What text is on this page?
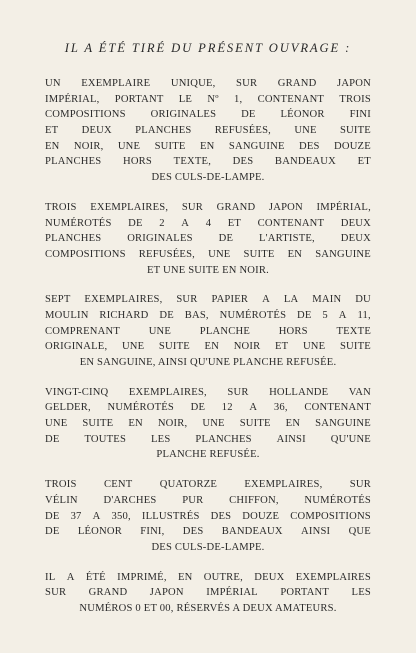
IL A ÉTÉ TIRÉ DU PRÉSENT OUVRAGE :
UN EXEMPLAIRE UNIQUE, SUR GRAND JAPON
IMPÉRIAL, PORTANT LE Nº 1, CONTENANT TROIS
COMPOSITIONS ORIGINALES DE LÉONOR FINI
ET DEUX PLANCHES REFUSÉES, UNE SUITE
EN NOIR, UNE SUITE EN SANGUINE DES DOUZE
PLANCHES HORS TEXTE, DES BANDEAUX ET
DES CULS-DE-LAMPE.
TROIS EXEMPLAIRES, SUR GRAND JAPON IMPÉRIAL,
NUMÉROTÉS DE 2 A 4 ET CONTENANT DEUX
PLANCHES ORIGINALES DE L'ARTISTE, DEUX
COMPOSITIONS REFUSÉES, UNE SUITE EN SANGUINE
ET UNE SUITE EN NOIR.
SEPT EXEMPLAIRES, SUR PAPIER A LA MAIN DU
MOULIN RICHARD DE BAS, NUMÉROTÉS DE 5 A 11,
COMPRENANT	UNE	PLANCHE	HORS	TEXTE
ORIGINALE, UNE SUITE EN NOIR ET UNE SUITE
EN SANGUINE, AINSI QU'UNE PLANCHE REFUSÉE.
VINGT-CINQ EXEMPLAIRES, SUR HOLLANDE VAN
GELDER, NUMÉROTÉS DE 12 A 36, CONTENANT
UNE SUITE EN NOIR, UNE SUITE EN SANGUINE
DE TOUTES LES PLANCHES AINSI QU'UNE
PLANCHE REFUSÉE.
TROIS	CENT	QUATORZE	EXEMPLAIRES,	SUR
VÉLIN D'ARCHES PUR CHIFFON, NUMÉROTÉS
DE 37 A 350, ILLUSTRÉS DES DOUZE COMPOSITIONS
DE LÉONOR FINI, DES BANDEAUX AINSI QUE
DES CULS-DE-LAMPE.
IL A ÉTÉ IMPRIMÉ, EN OUTRE, DEUX EXEMPLAIRES
SUR GRAND JAPON IMPÉRIAL PORTANT LES
NUMÉROS 0 ET 00, RÉSERVÉS A DEUX AMATEURS.
